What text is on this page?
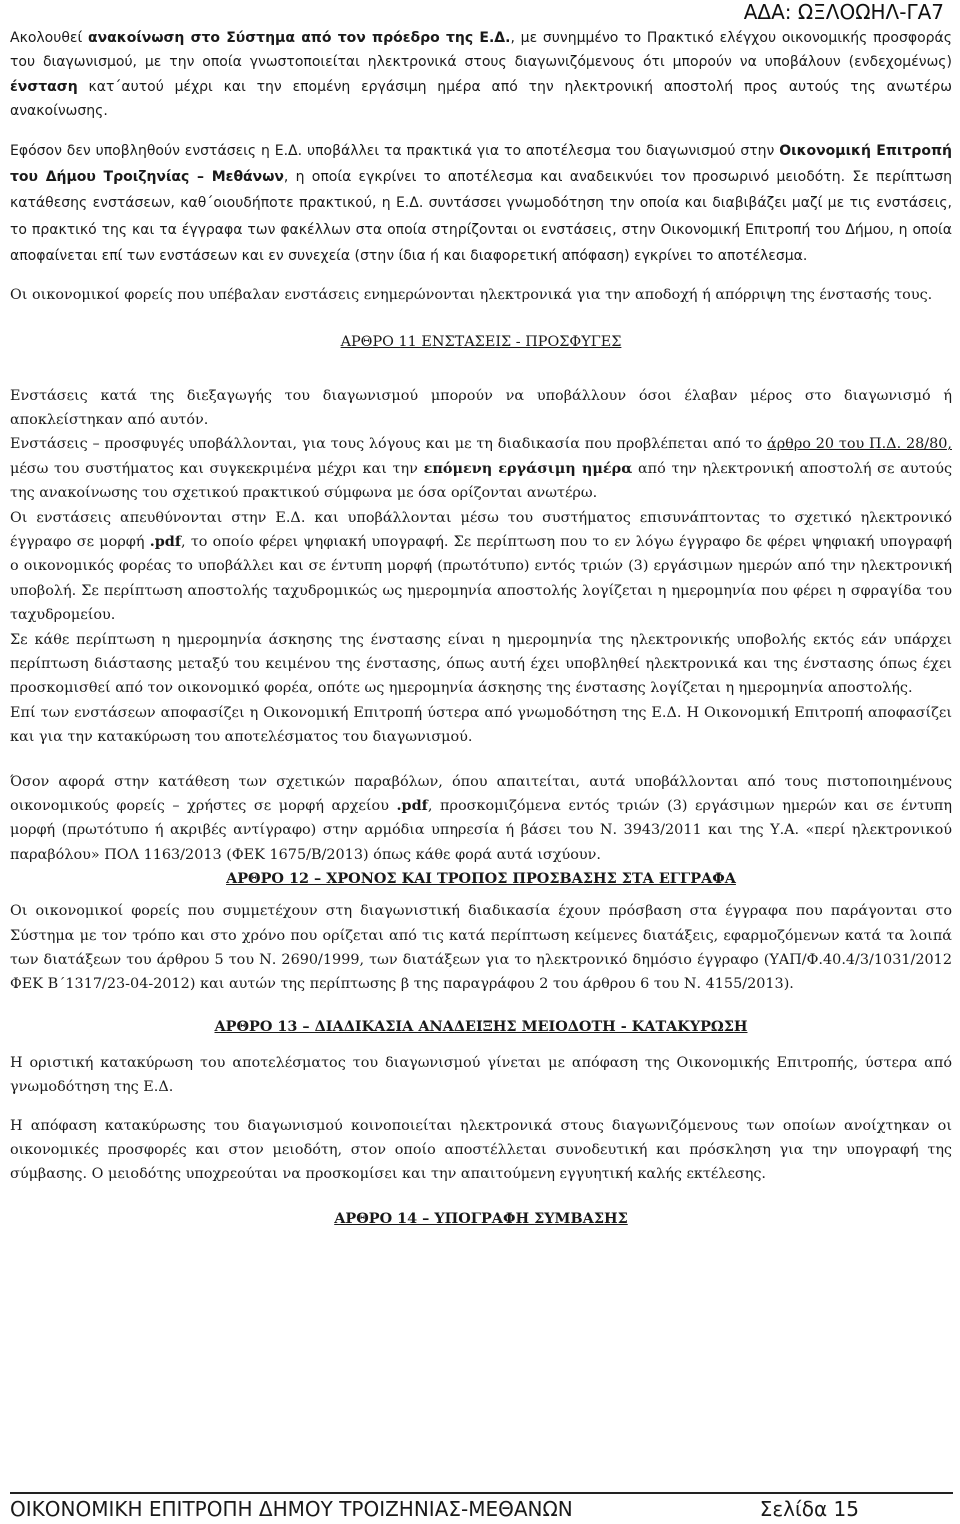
ΑΔΑ: ΩΞΛΟΩΗΛ-ΓΑ7

Ακολουθεί ανακοίνωση στο Σύστημα από τον πρόεδρο της Ε.Δ., με συνημμένο το Πρακτικό ελέγχου οικονομικής προσφοράς του διαγωνισμού, με την οποία γνωστοποιείται ηλεκτρονικά στους διαγωνιζόμενους ότι μπορούν να υποβάλουν (ενδεχομένως) ένσταση κατ΄αυτού μέχρι και την επομένη εργάσιμη ημέρα από την ηλεκτρονική αποστολή προς αυτούς της ανωτέρω ανακοίνωσης.

Εφόσον δεν υποβληθούν ενστάσεις η Ε.Δ. υποβάλλει τα πρακτικά για το αποτέλεσμα του διαγωνισμού στην Οικονομική Επιτροπή του Δήμου Τροιζηνίας – Μεθάνων, η οποία εγκρίνει το αποτέλεσμα και αναδεικνύει τον προσωρινό μειοδότη. Σε περίπτωση κατάθεσης ενστάσεων, καθ΄οιουδήποτε πρακτικού, η Ε.Δ. συντάσσει γνωμοδότηση την οποία και διαβιβάζει μαζί με τις ενστάσεις, το πρακτικό της και τα έγγραφα των φακέλλων στα οποία στηρίζονται οι ενστάσεις, στην Οικονομική Επιτροπή του Δήμου, η οποία αποφαίνεται επί των ενστάσεων και εν συνεχεία (στην ίδια ή και διαφορετική απόφαση) εγκρίνει το αποτέλεσμα.

Οι οικονομικοί φορείς που υπέβαλαν ενστάσεις ενημερώνονται ηλεκτρονικά για την αποδοχή ή απόρριψη της ένστασής τους.

ΑΡΘΡΟ 11 ΕΝΣΤΑΣΕΙΣ - ΠΡΟΣΦΥΓΕΣ

Ενστάσεις κατά της διεξαγωγής του διαγωνισμού μπορούν να υποβάλλουν όσοι έλαβαν μέρος στο διαγωνισμό ή αποκλείστηκαν από αυτόν.

Ενστάσεις – προσφυγές υποβάλλονται, για τους λόγους και με τη διαδικασία που προβλέπεται από το άρθρο 20 του Π.Δ. 28/80, μέσω του συστήματος και συγκεκριμένα μέχρι και την επόμενη εργάσιμη ημέρα από την ηλεκτρονική αποστολή σε αυτούς της ανακοίνωσης του σχετικού πρακτικού σύμφωνα με όσα ορίζονται ανωτέρω.

Οι ενστάσεις απευθύνονται στην Ε.Δ. και υποβάλλονται μέσω του συστήματος επισυνάπτοντας το σχετικό ηλεκτρονικό έγγραφο σε μορφή .pdf, το οποίο φέρει ψηφιακή υπογραφή. Σε περίπτωση που το εν λόγω έγγραφο δε φέρει ψηφιακή υπογραφή ο οικονομικός φορέας το υποβάλλει και σε έντυπη μορφή (πρωτότυπο) εντός τριών (3) εργάσιμων ημερών από την ηλεκτρονική υποβολή. Σε περίπτωση αποστολής ταχυδρομικώς ως ημερομηνία αποστολής λογίζεται η ημερομηνία που φέρει η σφραγίδα του ταχυδρομείου.

Σε κάθε περίπτωση η ημερομηνία άσκησης της ένστασης είναι η ημερομηνία της ηλεκτρονικής υποβολής εκτός εάν υπάρχει περίπτωση διάστασης μεταξύ του κειμένου της ένστασης, όπως αυτή έχει υποβληθεί ηλεκτρονικά και της ένστασης όπως έχει προσκομισθεί από τον οικονομικό φορέα, οπότε ως ημερομηνία άσκησης της ένστασης λογίζεται η ημερομηνία αποστολής.

Επί των ενστάσεων αποφασίζει η Οικονομική Επιτροπή ύστερα από γνωμοδότηση της Ε.Δ. Η Οικονομική Επιτροπή αποφασίζει και για την κατακύρωση του αποτελέσματος του διαγωνισμού.

Όσον αφορά στην κατάθεση των σχετικών παραβόλων, όπου απαιτείται, αυτά υποβάλλονται από τους πιστοποιημένους οικονομικούς φορείς – χρήστες σε μορφή αρχείου .pdf, προσκομιζόμενα εντός τριών (3) εργάσιμων ημερών και σε έντυπη μορφή (πρωτότυπο ή ακριβές αντίγραφο) στην αρμόδια υπηρεσία ή βάσει του Ν. 3943/2011 και της Υ.Α. «περί ηλεκτρονικού παραβόλου» ΠΟΛ 1163/2013 (ΦΕΚ 1675/Β/2013) όπως κάθε φορά αυτά ισχύουν.

ΑΡΘΡΟ 12 – ΧΡΟΝΟΣ ΚΑΙ ΤΡΟΠΟΣ ΠΡΟΣΒΑΣΗΣ ΣΤΑ ΕΓΓΡΑΦΑ

Οι οικονομικοί φορείς που συμμετέχουν στη διαγωνιστική διαδικασία έχουν πρόσβαση στα έγγραφα που παράγονται στο Σύστημα με τον τρόπο και στο χρόνο που ορίζεται από τις κατά περίπτωση κείμενες διατάξεις, εφαρμοζόμενων κατά τα λοιπά των διατάξεων του άρθρου 5 του Ν. 2690/1999, των διατάξεων για το ηλεκτρονικό δημόσιο έγγραφο (ΥΑΠ/Φ.40.4/3/1031/2012 ΦΕΚ Β΄1317/23-04-2012) και αυτών της περίπτωσης β της παραγράφου 2 του άρθρου 6 του Ν. 4155/2013).

ΑΡΘΡΟ 13 – ΔΙΑΔΙΚΑΣΙΑ ΑΝΑΔΕΙΞΗΣ ΜΕΙΟΔΟΤΗ - ΚΑΤΑΚΥΡΩΣΗ

Η οριστική κατακύρωση του αποτελέσματος του διαγωνισμού γίνεται με απόφαση της Οικονομικής Επιτροπής, ύστερα από γνωμοδότηση της Ε.Δ.

Η απόφαση κατακύρωσης του διαγωνισμού κοινοποιείται ηλεκτρονικά στους διαγωνιζόμενους των οποίων ανοίχτηκαν οι οικονομικές προσφορές και στον μειοδότη, στον οποίο αποστέλλεται συνοδευτική και πρόσκληση για την υπογραφή της σύμβασης. Ο μειοδότης υποχρεούται να προσκομίσει και την απαιτούμενη εγγυητική καλής εκτέλεσης.

ΑΡΘΡΟ 14 – ΥΠΟΓΡΑΦΗ ΣΥΜΒΑΣΗΣ
ΟΙΚΟΝΟΜΙΚΗ ΕΠΙΤΡΟΠΗ ΔΗΜΟΥ ΤΡΟΙΖΗΝΙΑΣ-ΜΕΘΑΝΩΝ	Σελίδα 15
